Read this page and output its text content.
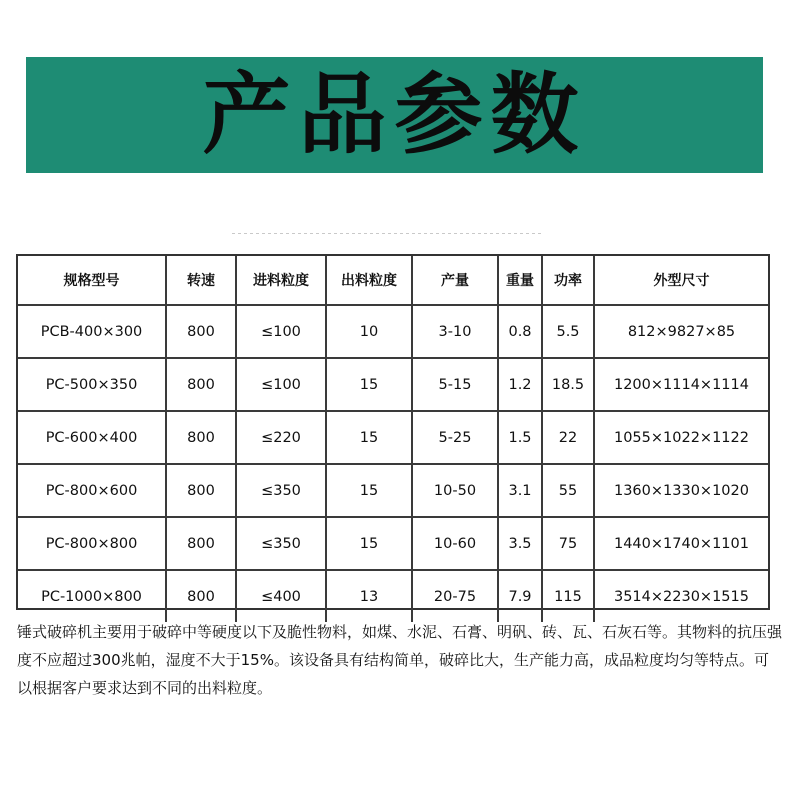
产品参数
规格型号	转速	进料粒度	出料粒度	产量	重量	功率	外型尺寸
PCB-400×300	800	≤100	10	3-10	0.8	5.5	812×9827×85
PC-500×350	800	≤100	15	5-15	1.2	18.5	1200×1114×1114
PC-600×400	800	≤220	15	5-25	1.5	22	1055×1022×1122
PC-800×600	800	≤350	15	10-50	3.1	55	1360×1330×1020
PC-800×800	800	≤350	15	10-60	3.5	75	1440×1740×1101
PC-1000×800	800	≤400	13	20-75	7.9	115	3514×2230×1515

锤式破碎机主要用于破碎中等硬度以下及脆性物料，如煤、水泥、石膏、明矾、砖、瓦、石灰石等。其物料的抗压强度不应超过300兆帕，湿度不大于15%。该设备具有结构简单，破碎比大，生产能力高，成品粒度均匀等特点。可以根据客户要求达到不同的出料粒度。
